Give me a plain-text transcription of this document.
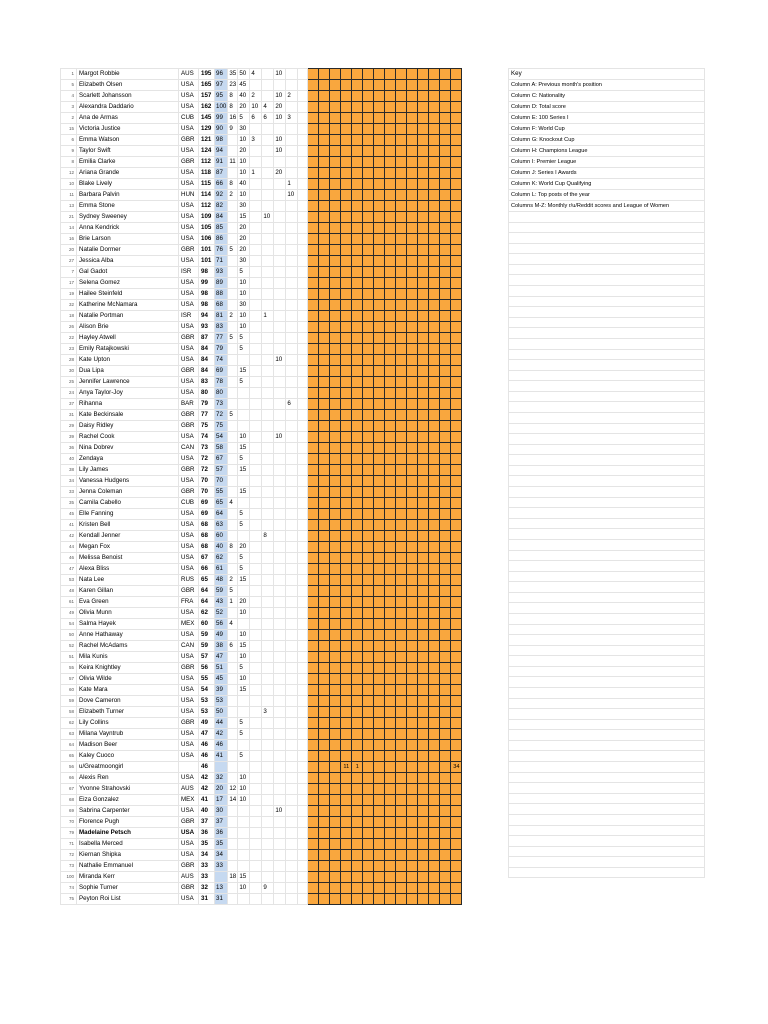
1	Margot Robbie	AUS	195	96	35	50	4		10																
5	Elizabeth Olsen	USA	165	97	23	45																			
4	Scarlett Johansson	USA	157	95	8	40	2		10	2															
3	Alexandra Daddario	USA	162	100	8	20	10	4	20																
2	Ana de Armas	CUB	145	99	16	5	6	6	10	3															
15	Victoria Justice	USA	129	90	9	30																			
6	Emma Watson	GBR	121	98		10	3		10																
9	Taylor Swift	USA	124	94		20			10																
8	Emilia Clarke	GBR	112	91	11	10																			
12	Ariana Grande	USA	118	87		10	1		20																
10	Blake Lively	USA	115	66	8	40				1															
11	Barbara Palvin	HUN	114	92	2	10				10															
13	Emma Stone	USA	112	82		30																			
21	Sydney Sweeney	USA	109	84		15		10																	
14	Anna Kendrick	USA	105	85		20																			
16	Brie Larson	USA	106	86		20																			
20	Natalie Dormer	GBR	101	76	5	20																			
27	Jessica Alba	USA	101	71		30																			
7	Gal Gadot	ISR	98	93		5																			
17	Selena Gomez	USA	99	89		10																			
19	Hailee Steinfeld	USA	98	88		10																			
32	Katherine McNamara	USA	98	68		30																			
18	Natalie Portman	ISR	94	81	2	10		1																	
26	Alison Brie	USA	93	83		10																			
22	Hayley Atwell	GBR	87	77	5	5																			
23	Emily Ratajkowski	USA	84	79		5																			
28	Kate Upton	USA	84	74					10																
30	Dua Lipa	GBR	84	69		15																			
25	Jennifer Lawrence	USA	83	78		5																			
24	Anya Taylor-Joy	USA	80	80																					
37	Rihanna	BAR	79	73						6															
31	Kate Beckinsale	GBR	77	72	5																				
29	Daisy Ridley	GBR	75	75																					
39	Rachel Cook	USA	74	54		10			10																
36	Nina Dobrev	CAN	73	58		15																			
40	Zendaya	USA	72	67		5																			
38	Lily James	GBR	72	57		15																			
34	Vanessa Hudgens	USA	70	70																					
33	Jenna Coleman	GBR	70	55		15																			
35	Camila Cabello	CUB	69	65	4																				
45	Elle Fanning	USA	69	64		5																			
41	Kristen Bell	USA	68	63		5																			
42	Kendall Jenner	USA	68	60				8																	
44	Megan Fox	USA	68	40	8	20																			
46	Melissa Benoist	USA	67	62		5																			
47	Alexa Bliss	USA	66	61		5																			
53	Nata Lee	RUS	65	48	2	15																			
48	Karen Gillan	GBR	64	59	5																				
61	Eva Green	FRA	64	43	1	20																			
49	Olivia Munn	USA	62	52		10																			
54	Salma Hayek	MEX	60	56	4																				
50	Anne Hathaway	USA	59	49		10																			
52	Rachel McAdams	CAN	59	38	6	15																			
51	Mila Kunis	USA	57	47		10																			
55	Keira Knightley	GBR	56	51		5																			
57	Olivia Wilde	USA	55	45		10																			
60	Kate Mara	USA	54	39		15																			
59	Dove Cameron	USA	53	53																					
58	Elizabeth Turner	USA	53	50				3																	
62	Lily Collins	GBR	49	44		5																			
63	Milana Vayntrub	USA	47	42		5																			
64	Madison Beer	USA	46	46																					
65	Kaley Cuoco	USA	46	41		5																			
56	u/Greatmoongirl		46												11	1									34
66	Alexis Ren	USA	42	32		10																			
67	Yvonne Strahovski	AUS	42	20	12	10																			
68	Eiza Gonzalez	MEX	41	17	14	10																			
69	Sabrina Carpenter	USA	40	30					10																
70	Florence Pugh	GBR	37	37																					
79	Madelaine Petsch	USA	36	36																					
71	Isabella Merced	USA	35	35																					
72	Kiernan Shipka	USA	34	34																					
73	Nathalie Emmanuel	GBR	33	33																					
100	Miranda Kerr	AUS	33		18	15																			
74	Sophie Turner	GBR	32	13		10		9																	
75	Peyton Roi List	USA	31	31																					
Key
Column A: Previous month's position
Column C: Nationality
Column D: Total score
Column E: 100 Series I
Column F: World Cup
Column G: Knockout Cup
Column H: Champions League
Column I: Premier League
Column J: Series I Awards
Column K: World Cup Qualifying
Column L: Top posts of the year
Columns M-Z: Monthly r/u/Reddit scores and League of Women
